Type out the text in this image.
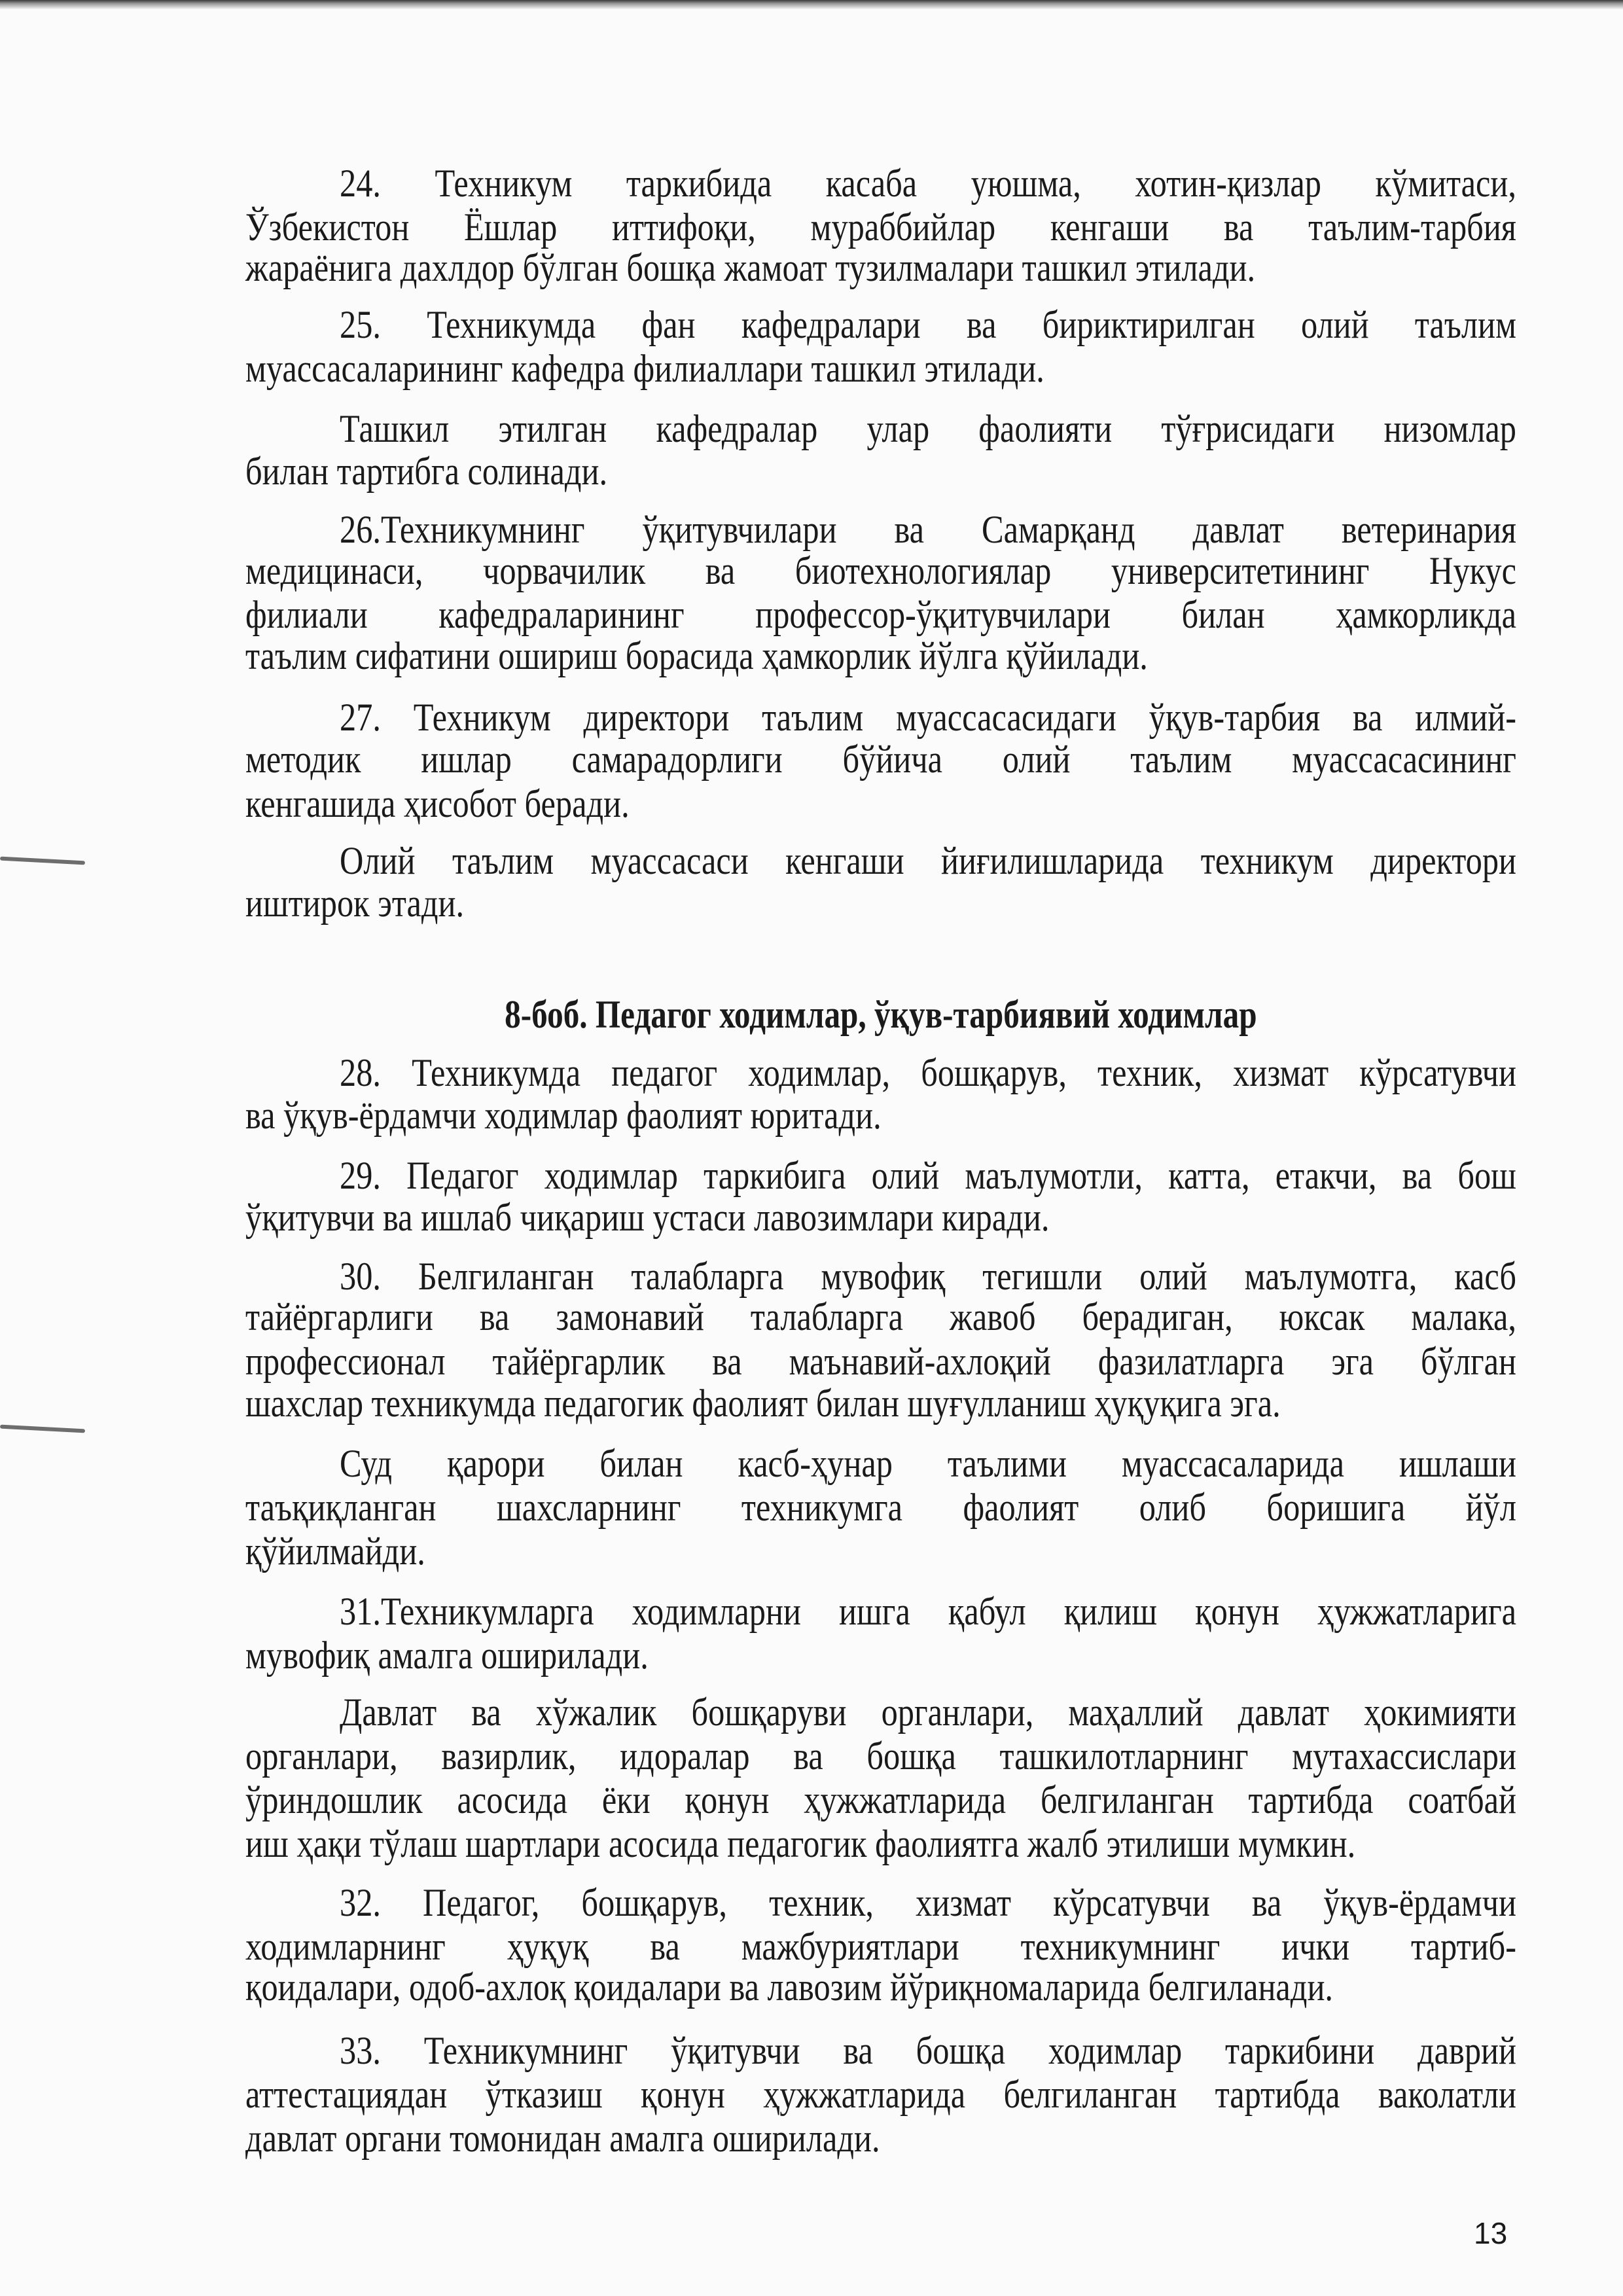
24. Техникум таркибида касаба уюшма, хотин-қизлар кўмитаси,
Ўзбекистон Ёшлар иттифоқи, мураббийлар кенгаши ва таълим-тарбия
жараёнига дахлдор бўлган бошқа жамоат тузилмалари ташкил этилади.
25. Техникумда фан кафедралари ва бириктирилган олий таълим
муассасаларининг кафедра филиаллари ташкил этилади.
Ташкил этилган кафедралар улар фаолияти тўғрисидаги низомлар
билан тартибга солинади.
26.Техникумнинг ўқитувчилари ва Самарқанд давлат ветеринария
медицинаси, чорвачилик ва биотехнологиялар университетининг Нукус
филиали кафедраларининг профессор-ўқитувчилари билан ҳамкорликда
таълим сифатини ошириш борасида ҳамкорлик йўлга қўйилади.
27. Техникум директори таълим муассасасидаги ўқув-тарбия ва илмий-
методик ишлар самарадорлиги бўйича олий таълим муассасасининг
кенгашида ҳисобот беради.
Олий таълим муассасаси кенгаши йиғилишларида техникум директори
иштирок этади.
28. Техникумда педагог ходимлар, бошқарув, техник, хизмат кўрсатувчи
ва ўқув-ёрдамчи ходимлар фаолият юритади.
29. Педагог ходимлар таркибига олий маълумотли, катта, етакчи, ва бош
ўқитувчи ва ишлаб чиқариш устаси лавозимлари киради.
30. Белгиланган талабларга мувофиқ тегишли олий маълумотга, касб
тайёргарлиги ва замонавий талабларга жавоб берадиган, юксак малака,
профессионал тайёргарлик ва маънавий-ахлоқий фазилатларга эга бўлган
шахслар техникумда педагогик фаолият билан шуғулланиш ҳуқуқига эга.
Суд қарори билан касб-ҳунар таълими муассасаларида ишлаши
таъқиқланган шахсларнинг техникумга фаолият олиб боришига йўл
қўйилмайди.
31.Техникумларга ходимларни ишга қабул қилиш қонун ҳужжатларига
мувофиқ амалга оширилади.
Давлат ва хўжалик бошқаруви органлари, маҳаллий давлат ҳокимияти
органлари, вазирлик, идоралар ва бошқа ташкилотларнинг мутахассислари
ўриндошлик асосида ёки қонун ҳужжатларида белгиланган тартибда соатбай
иш ҳақи тўлаш шартлари асосида педагогик фаолиятга жалб этилиши мумкин.
32. Педагог, бошқарув, техник, хизмат кўрсатувчи ва ўқув-ёрдамчи
ходимларнинг ҳуқуқ ва мажбуриятлари техникумнинг ички тартиб-
қоидалари, одоб-ахлоқ қоидалари ва лавозим йўриқномаларида белгиланади.
33. Техникумнинг ўқитувчи ва бошқа ходимлар таркибини даврий
аттестациядан ўтказиш қонун ҳужжатларида белгиланган тартибда ваколатли
давлат органи томонидан амалга оширилади.
8-боб. Педагог ходимлар, ўқув-тарбиявий ходимлар
13
